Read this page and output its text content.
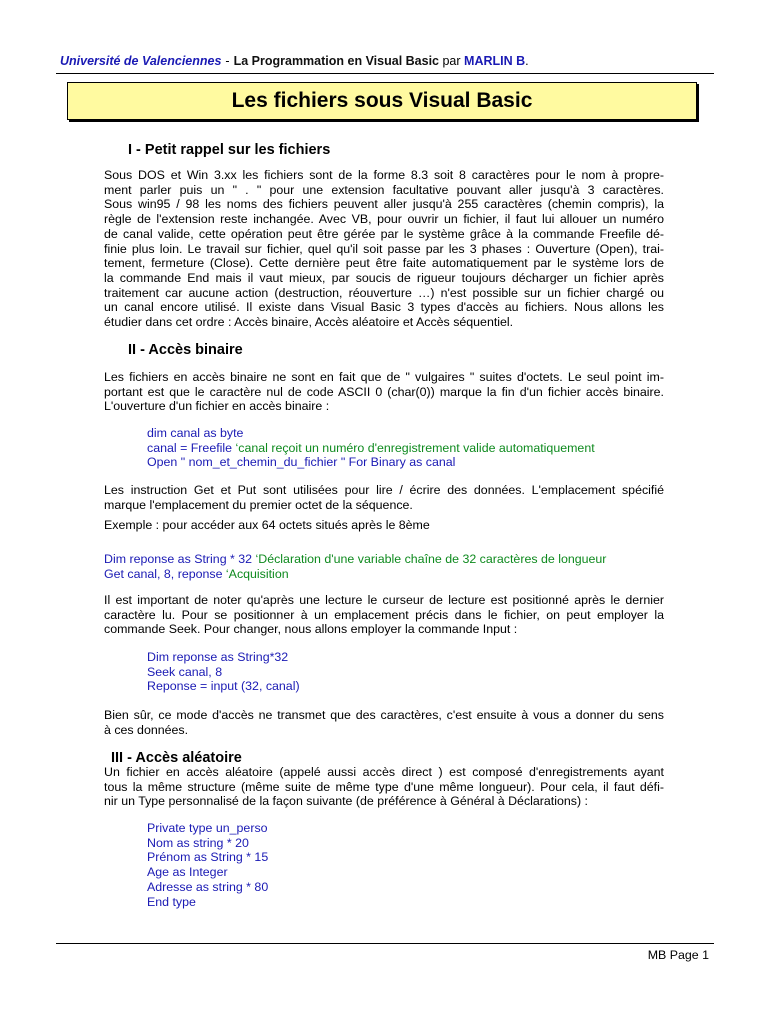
Université de Valenciennes - La Programmation en Visual Basic par MARLIN B.
Les fichiers sous Visual Basic
I - Petit rappel sur les fichiers
Sous DOS et Win 3.xx les fichiers sont de la forme 8.3 soit 8 caractères pour le nom à propre-
ment parler puis un " . " pour une extension facultative pouvant aller jusqu'à 3 caractères.
Sous win95 / 98 les noms des fichiers peuvent aller jusqu'à 255 caractères (chemin compris), la
règle de l'extension reste inchangée. Avec VB, pour ouvrir un fichier, il faut lui allouer un numéro
de canal valide, cette opération peut être gérée par le système grâce à la commande Freefile dé-
finie plus loin. Le travail sur fichier, quel qu'il soit passe par les 3 phases : Ouverture (Open), trai-
tement, fermeture (Close). Cette dernière peut être faite automatiquement par le système lors de
la commande End mais il vaut mieux, par soucis de rigueur toujours décharger un fichier après
traitement car aucune action (destruction, réouverture …) n'est possible sur un fichier chargé ou
un canal encore utilisé. Il existe dans Visual Basic 3 types d'accès au fichiers. Nous allons les
étudier dans cet ordre : Accès binaire, Accès aléatoire et Accès séquentiel.
II - Accès binaire
Les fichiers en accès binaire ne sont en fait que de " vulgaires " suites d'octets. Le seul point im-
portant est que le caractère nul de code ASCII 0 (char(0)) marque la fin d'un fichier accès binaire.
L'ouverture d'un fichier en accès binaire :
dim canal as byte
canal = Freefile ‘canal reçoit un numéro d'enregistrement valide automatiquement
Open " nom_et_chemin_du_fichier " For Binary as canal
Les instruction Get et Put sont utilisées pour lire / écrire des données. L'emplacement spécifié
marque l'emplacement du premier octet de la séquence.
Exemple : pour accéder aux 64 octets situés après le 8ème
Dim reponse as String * 32 ‘Déclaration d'une variable chaîne de 32 caractères de longueur
Get canal, 8, reponse ‘Acquisition
Il est important de noter qu'après une lecture le curseur de lecture est positionné après le dernier
caractère lu. Pour se positionner à un emplacement précis dans le fichier, on peut employer la
commande Seek. Pour changer, nous allons employer la commande Input :
Dim reponse as String*32
Seek canal, 8
Reponse = input (32, canal)
Bien sûr, ce mode d'accès ne transmet que des caractères, c'est ensuite à vous a donner du sens
à ces données.
III - Accès aléatoire
Un fichier en accès aléatoire (appelé aussi accès direct ) est composé d'enregistrements ayant
tous la même structure (même suite de même type d'une même longueur). Pour cela, il faut défi-
nir un Type personnalisé de la façon suivante (de préférence à Général à Déclarations) :
Private type un_perso
Nom as string * 20
Prénom as String * 15
Age as Integer
Adresse as string * 80
End type
MB Page 1
